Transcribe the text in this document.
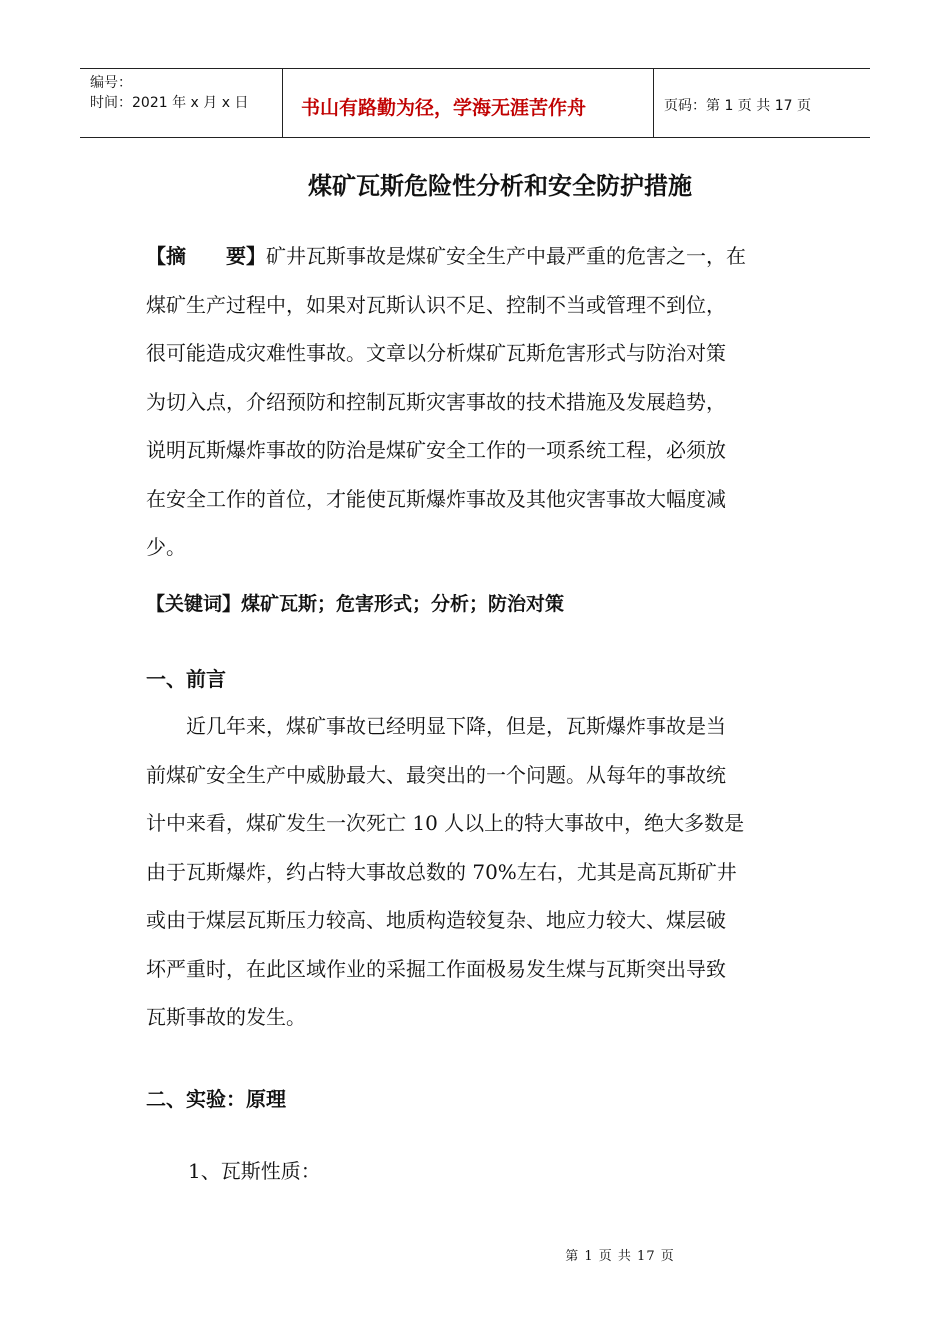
编号：
时间：2021 年 x 月 x 日	书山有路勤为径，学海无涯苦作舟	页码：第 1 页 共 17 页
煤矿瓦斯危险性分析和安全防护措施
【摘　　要】矿井瓦斯事故是煤矿安全生产中最严重的危害之一，在
煤矿生产过程中，如果对瓦斯认识不足、控制不当或管理不到位，
很可能造成灾难性事故。文章以分析煤矿瓦斯危害形式与防治对策
为切入点，介绍预防和控制瓦斯灾害事故的技术措施及发展趋势，
说明瓦斯爆炸事故的防治是煤矿安全工作的一项系统工程，必须放
在安全工作的首位，才能使瓦斯爆炸事故及其他灾害事故大幅度减
少。
【关键词】煤矿瓦斯；危害形式；分析；防治对策
一、前言
　　近几年来，煤矿事故已经明显下降，但是，瓦斯爆炸事故是当
前煤矿安全生产中威胁最大、最突出的一个问题。从每年的事故统
计中来看，煤矿发生一次死亡 10 人以上的特大事故中，绝大多数是
由于瓦斯爆炸，约占特大事故总数的 70%左右，尤其是高瓦斯矿井
或由于煤层瓦斯压力较高、地质构造较复杂、地应力较大、煤层破
坏严重时，在此区域作业的采掘工作面极易发生煤与瓦斯突出导致
瓦斯事故的发生。
二、实验：原理
1、瓦斯性质：
第 1 页 共 17 页
